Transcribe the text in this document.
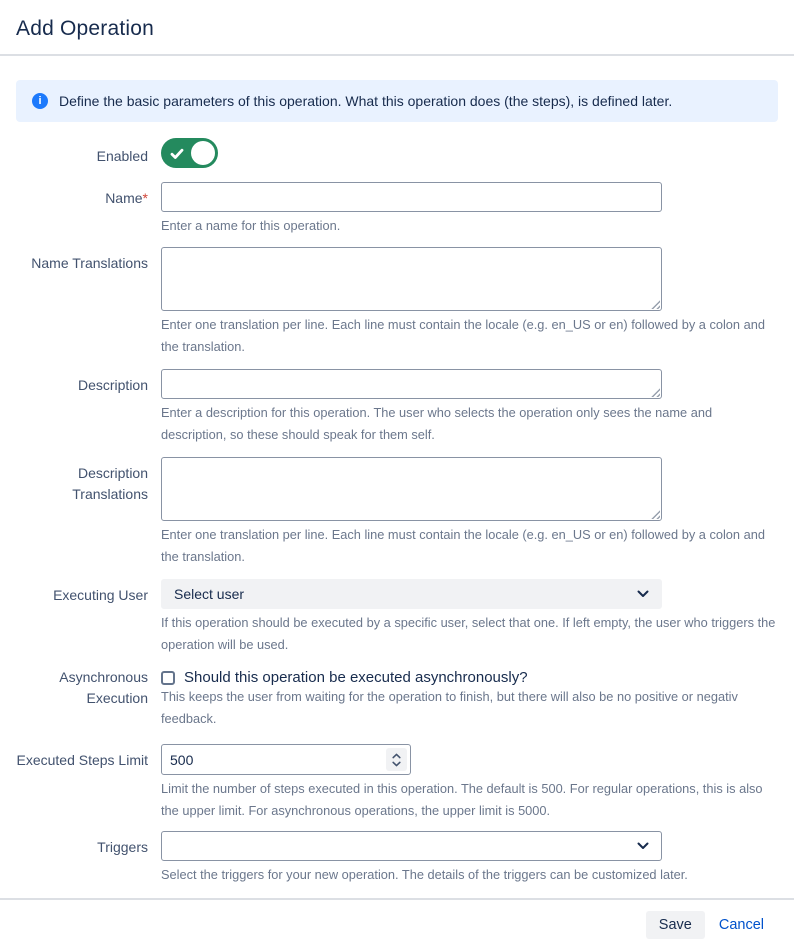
Add Operation
i	Define the basic parameters of this operation. What this operation does (the steps), is defined later.
Enabled
Name*
Enter a name for this operation.
Name Translations
Enter one translation per line. Each line must contain the locale (e.g. en_US or en) followed by a colon and the translation.
Description
Enter a description for this operation. The user who selects the operation only sees the name and description, so these should speak for them self.
Description Translations
Enter one translation per line. Each line must contain the locale (e.g. en_US or en) followed by a colon and the translation.
Executing User Select user
If this operation should be executed by a specific user, select that one. If left empty, the user who triggers the operation will be used.
Asynchronous Execution
Should this operation be executed asynchronously?
This keeps the user from waiting for the operation to finish, but there will also be no positive or negativ feedback.
Executed Steps Limit
500
Limit the number of steps executed in this operation. The default is 500. For regular operations, this is also the upper limit. For asynchronous operations, the upper limit is 5000.
Triggers
Select the triggers for your new operation. The details of the triggers can be customized later.
Save	Cancel
